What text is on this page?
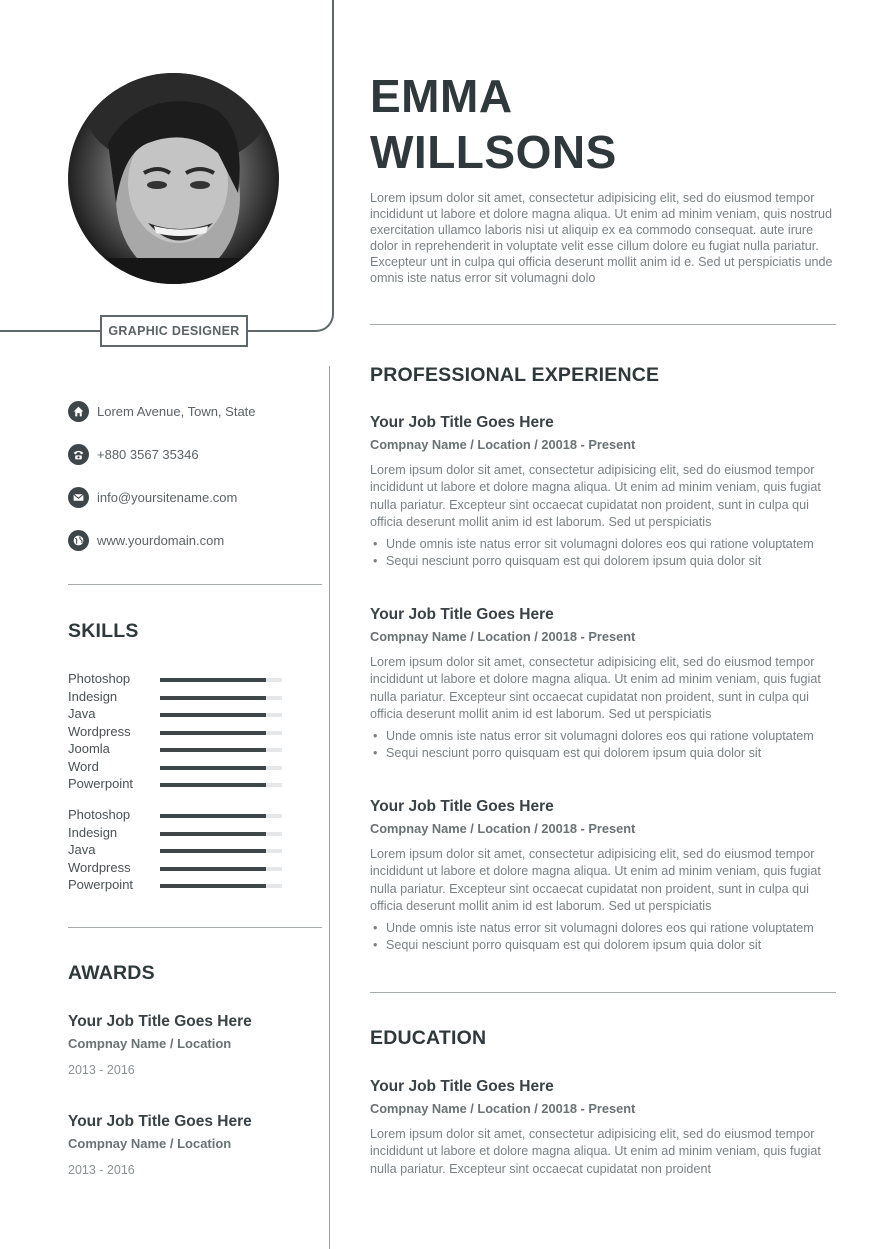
GRAPHIC DESIGNER
EMMA
WILLSONS

Lorem ipsum dolor sit amet, consectetur adipisicing elit, sed do eiusmod tempor incididunt ut labore et dolore magna aliqua. Ut enim ad minim veniam, quis nostrud exercitation ullamco laboris nisi ut aliquip ex ea commodo consequat. aute irure dolor in reprehenderit in voluptate velit esse cillum dolore eu fugiat nulla pariatur. Excepteur unt in culpa qui officia deserunt mollit anim id e. Sed ut perspiciatis unde omnis iste natus error sit volumagni dolo

Lorem Avenue, Town, State
+880 3567 35346
info@yoursitename.com
www.yourdomain.com
SKILLS
Photoshop
Indesign
Java
Wordpress
Joomla
Word
Powerpoint
Photoshop
Indesign
Java
Wordpress
Powerpoint
AWARDS
Your Job Title Goes Here
Compnay Name / Location
2013 - 2016
Your Job Title Goes Here
Compnay Name / Location
2013 - 2016
PROFESSIONAL EXPERIENCE
Your Job Title Goes Here
Compnay Name / Location / 20018 - Present

Lorem ipsum dolor sit amet, consectetur adipisicing elit, sed do eiusmod tempor incididunt ut labore et dolore magna aliqua. Ut enim ad minim veniam, quis fugiat nulla pariatur. Excepteur sint occaecat cupidatat non proident, sunt in culpa qui officia deserunt mollit anim id est laborum. Sed ut perspiciatis

• Unde omnis iste natus error sit volumagni dolores eos qui ratione voluptatem
• Sequi nesciunt porro quisquam est qui dolorem ipsum quia dolor sit
Your Job Title Goes Here
Compnay Name / Location / 20018 - Present

Lorem ipsum dolor sit amet, consectetur adipisicing elit, sed do eiusmod tempor incididunt ut labore et dolore magna aliqua. Ut enim ad minim veniam, quis fugiat nulla pariatur. Excepteur sint occaecat cupidatat non proident, sunt in culpa qui officia deserunt mollit anim id est laborum. Sed ut perspiciatis

• Unde omnis iste natus error sit volumagni dolores eos qui ratione voluptatem
• Sequi nesciunt porro quisquam est qui dolorem ipsum quia dolor sit
Your Job Title Goes Here
Compnay Name / Location / 20018 - Present

Lorem ipsum dolor sit amet, consectetur adipisicing elit, sed do eiusmod tempor incididunt ut labore et dolore magna aliqua. Ut enim ad minim veniam, quis fugiat nulla pariatur. Excepteur sint occaecat cupidatat non proident, sunt in culpa qui officia deserunt mollit anim id est laborum. Sed ut perspiciatis

• Unde omnis iste natus error sit volumagni dolores eos qui ratione voluptatem
• Sequi nesciunt porro quisquam est qui dolorem ipsum quia dolor sit
EDUCATION
Your Job Title Goes Here
Compnay Name / Location / 20018 - Present

Lorem ipsum dolor sit amet, consectetur adipisicing elit, sed do eiusmod tempor incididunt ut labore et dolore magna aliqua. Ut enim ad minim veniam, quis fugiat nulla pariatur. Excepteur sint occaecat cupidatat non proident
